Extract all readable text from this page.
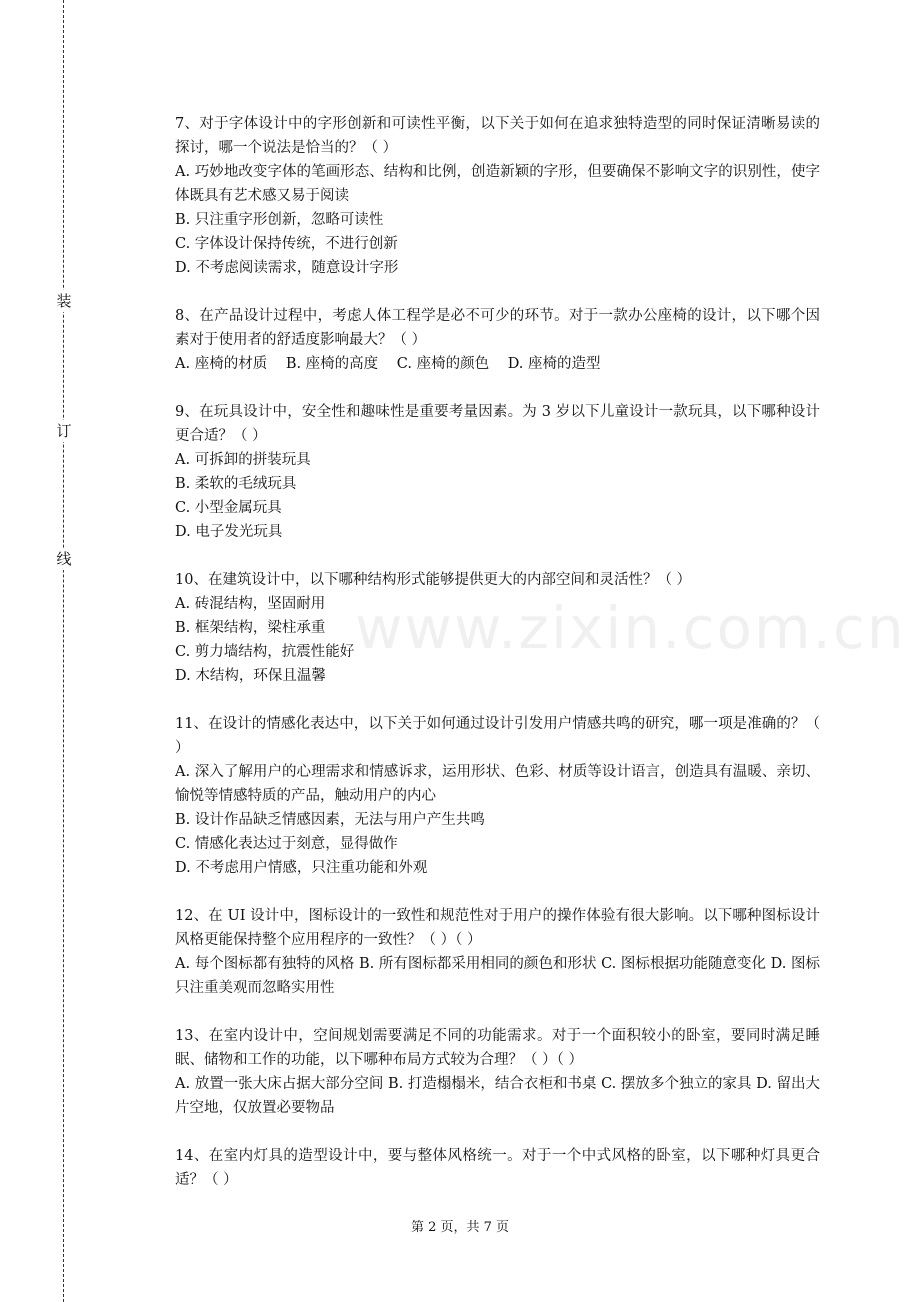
装
订
线
www.zixin.com.cn

7、对于字体设计中的字形创新和可读性平衡，以下关于如何在追求独特造型的同时保证清晰易读的探讨，哪一个说法是恰当的？（ ）

A. 巧妙地改变字体的笔画形态、结构和比例，创造新颖的字形，但要确保不影响文字的识别性，使字体既具有艺术感又易于阅读

B. 只注重字形创新，忽略可读性

C. 字体设计保持传统，不进行创新

D. 不考虑阅读需求，随意设计字形

8、在产品设计过程中，考虑人体工程学是必不可少的环节。对于一款办公座椅的设计，以下哪个因素对于使用者的舒适度影响最大？（ ）

A. 座椅的材质 B. 座椅的高度 C. 座椅的颜色 D. 座椅的造型

9、在玩具设计中，安全性和趣味性是重要考量因素。为 3 岁以下儿童设计一款玩具，以下哪种设计更合适？（ ）

A. 可拆卸的拼装玩具

B. 柔软的毛绒玩具

C. 小型金属玩具

D. 电子发光玩具

10、在建筑设计中，以下哪种结构形式能够提供更大的内部空间和灵活性？（ ）

A. 砖混结构，坚固耐用

B. 框架结构，梁柱承重

C. 剪力墙结构，抗震性能好

D. 木结构，环保且温馨

11、在设计的情感化表达中，以下关于如何通过设计引发用户情感共鸣的研究，哪一项是准确的？（ ）

A. 深入了解用户的心理需求和情感诉求，运用形状、色彩、材质等设计语言，创造具有温暖、亲切、愉悦等情感特质的产品，触动用户的内心

B. 设计作品缺乏情感因素，无法与用户产生共鸣

C. 情感化表达过于刻意，显得做作

D. 不考虑用户情感，只注重功能和外观

12、在 UI 设计中，图标设计的一致性和规范性对于用户的操作体验有很大影响。以下哪种图标设计风格更能保持整个应用程序的一致性？（ ）（ ）

A. 每个图标都有独特的风格 B. 所有图标都采用相同的颜色和形状 C. 图标根据功能随意变化 D. 图标只注重美观而忽略实用性

13、在室内设计中，空间规划需要满足不同的功能需求。对于一个面积较小的卧室，要同时满足睡眠、储物和工作的功能，以下哪种布局方式较为合理？（ ）（ ）

A. 放置一张大床占据大部分空间 B. 打造榻榻米，结合衣柜和书桌 C. 摆放多个独立的家具 D. 留出大片空地，仅放置必要物品

14、在室内灯具的造型设计中，要与整体风格统一。对于一个中式风格的卧室，以下哪种灯具更合适？（ ）

第 2 页，共 7 页
